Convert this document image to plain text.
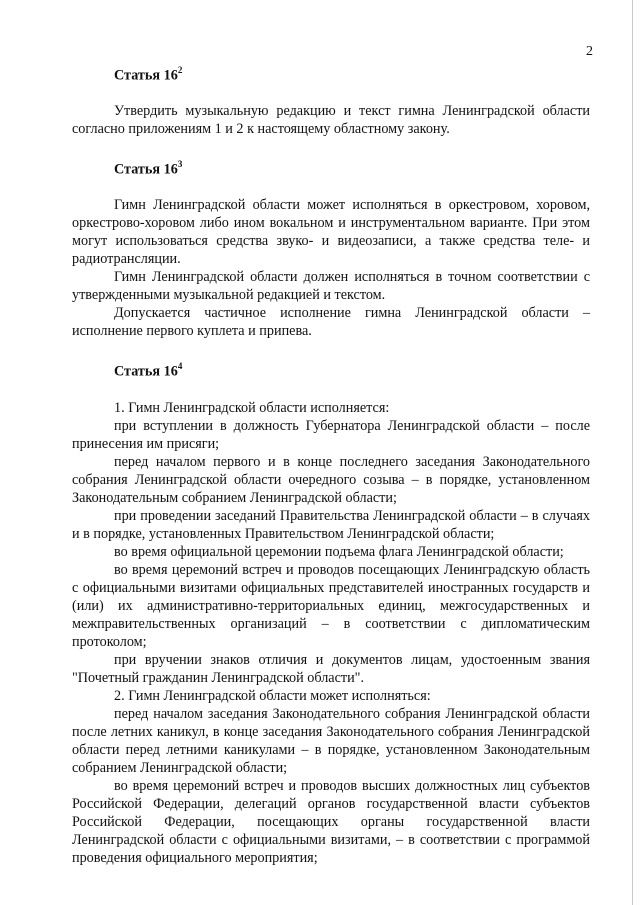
2
Статья $16^2$

Утвердить музыкальную редакцию и текст гимна Ленинградской области согласно приложениям 1 и 2 к настоящему областному закону.

Статья $16^3$

Гимн Ленинградской области может исполняться в оркестровом, хоровом, оркестрово-хоровом либо ином вокальном и инструментальном варианте. При этом могут использоваться средства звуко- и видеозаписи, а также средства теле- и радиотрансляции.

Гимн Ленинградской области должен исполняться в точном соответствии с утвержденными музыкальной редакцией и текстом.

Допускается частичное исполнение гимна Ленинградской области – исполнение первого куплета и припева.

Статья $16^4$

1. Гимн Ленинградской области исполняется:

при вступлении в должность Губернатора Ленинградской области – после принесения им присяги;

перед началом первого и в конце последнего заседания Законодательного собрания Ленинградской области очередного созыва – в порядке, установленном Законодательным собранием Ленинградской области;

при проведении заседаний Правительства Ленинградской области – в случаях и в порядке, установленных Правительством Ленинградской области;

во время официальной церемонии подъема флага Ленинградской области;

во время церемоний встреч и проводов посещающих Ленинградскую область с официальными визитами официальных представителей иностранных государств и (или) их административно-территориальных единиц, межгосударственных и межправительственных организаций – в соответствии с дипломатическим протоколом;

при вручении знаков отличия и документов лицам, удостоенным звания "Почетный гражданин Ленинградской области".

2. Гимн Ленинградской области может исполняться:

перед началом заседания Законодательного собрания Ленинградской области после летних каникул, в конце заседания Законодательного собрания Ленинградской области перед летними каникулами – в порядке, установленном Законодательным собранием Ленинградской области;

во время церемоний встреч и проводов высших должностных лиц субъектов Российской Федерации, делегаций органов государственной власти субъектов Российской Федерации, посещающих органы государственной власти Ленинградской области с официальными визитами, – в соответствии с программой проведения официального мероприятия;
